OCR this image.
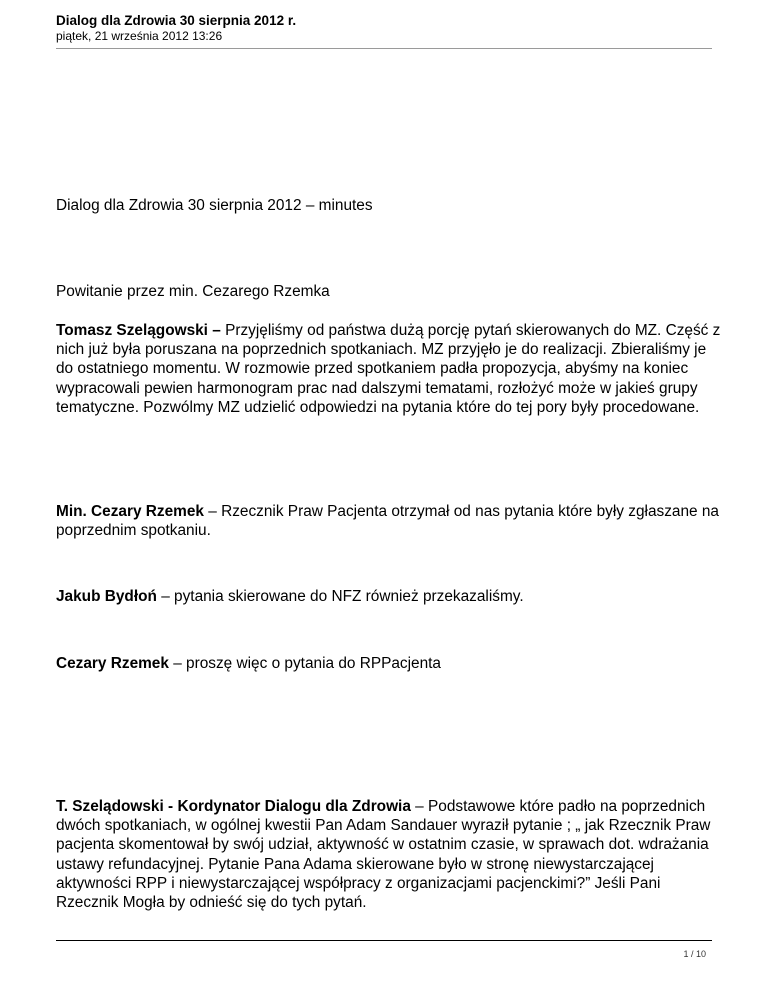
Dialog dla Zdrowia 30 sierpnia 2012 r.
piątek, 21 września 2012 13:26

Dialog dla Zdrowia 30 sierpnia 2012 – minutes

Powitanie przez min. Cezarego Rzemka

Tomasz Szelągowski – Przyjęliśmy od państwa dużą porcję pytań skierowanych do MZ. Część z nich już była poruszana na poprzednich spotkaniach. MZ przyjęło je do realizacji. Zbieraliśmy je do ostatniego momentu. W rozmowie przed spotkaniem padła propozycja, abyśmy na koniec wypracowali pewien harmonogram prac nad dalszymi tematami, rozłożyć może w jakieś grupy tematyczne. Pozwólmy MZ udzielić odpowiedzi na pytania które do tej pory były procedowane.

Min. Cezary Rzemek – Rzecznik Praw Pacjenta otrzymał od nas pytania które były zgłaszane na poprzednim spotkaniu.

Jakub Bydłoń – pytania skierowane do NFZ również przekazaliśmy.

Cezary Rzemek – proszę więc o pytania do RPPacjenta

T. Szelądowski - Kordynator Dialogu dla Zdrowia – Podstawowe które padło na poprzednich dwóch spotkaniach, w ogólnej kwestii Pan Adam Sandauer wyraził pytanie ; „ jak Rzecznik Praw pacjenta skomentował by swój udział, aktywność w ostatnim czasie, w sprawach dot. wdrażania ustawy refundacyjnej. Pytanie Pana Adama skierowane było w stronę niewystarczającej aktywności RPP i niewystarczającej współpracy z organizacjami pacjenckimi?” Jeśli Pani Rzecznik Mogła by odnieść się do tych pytań.

1 / 10
